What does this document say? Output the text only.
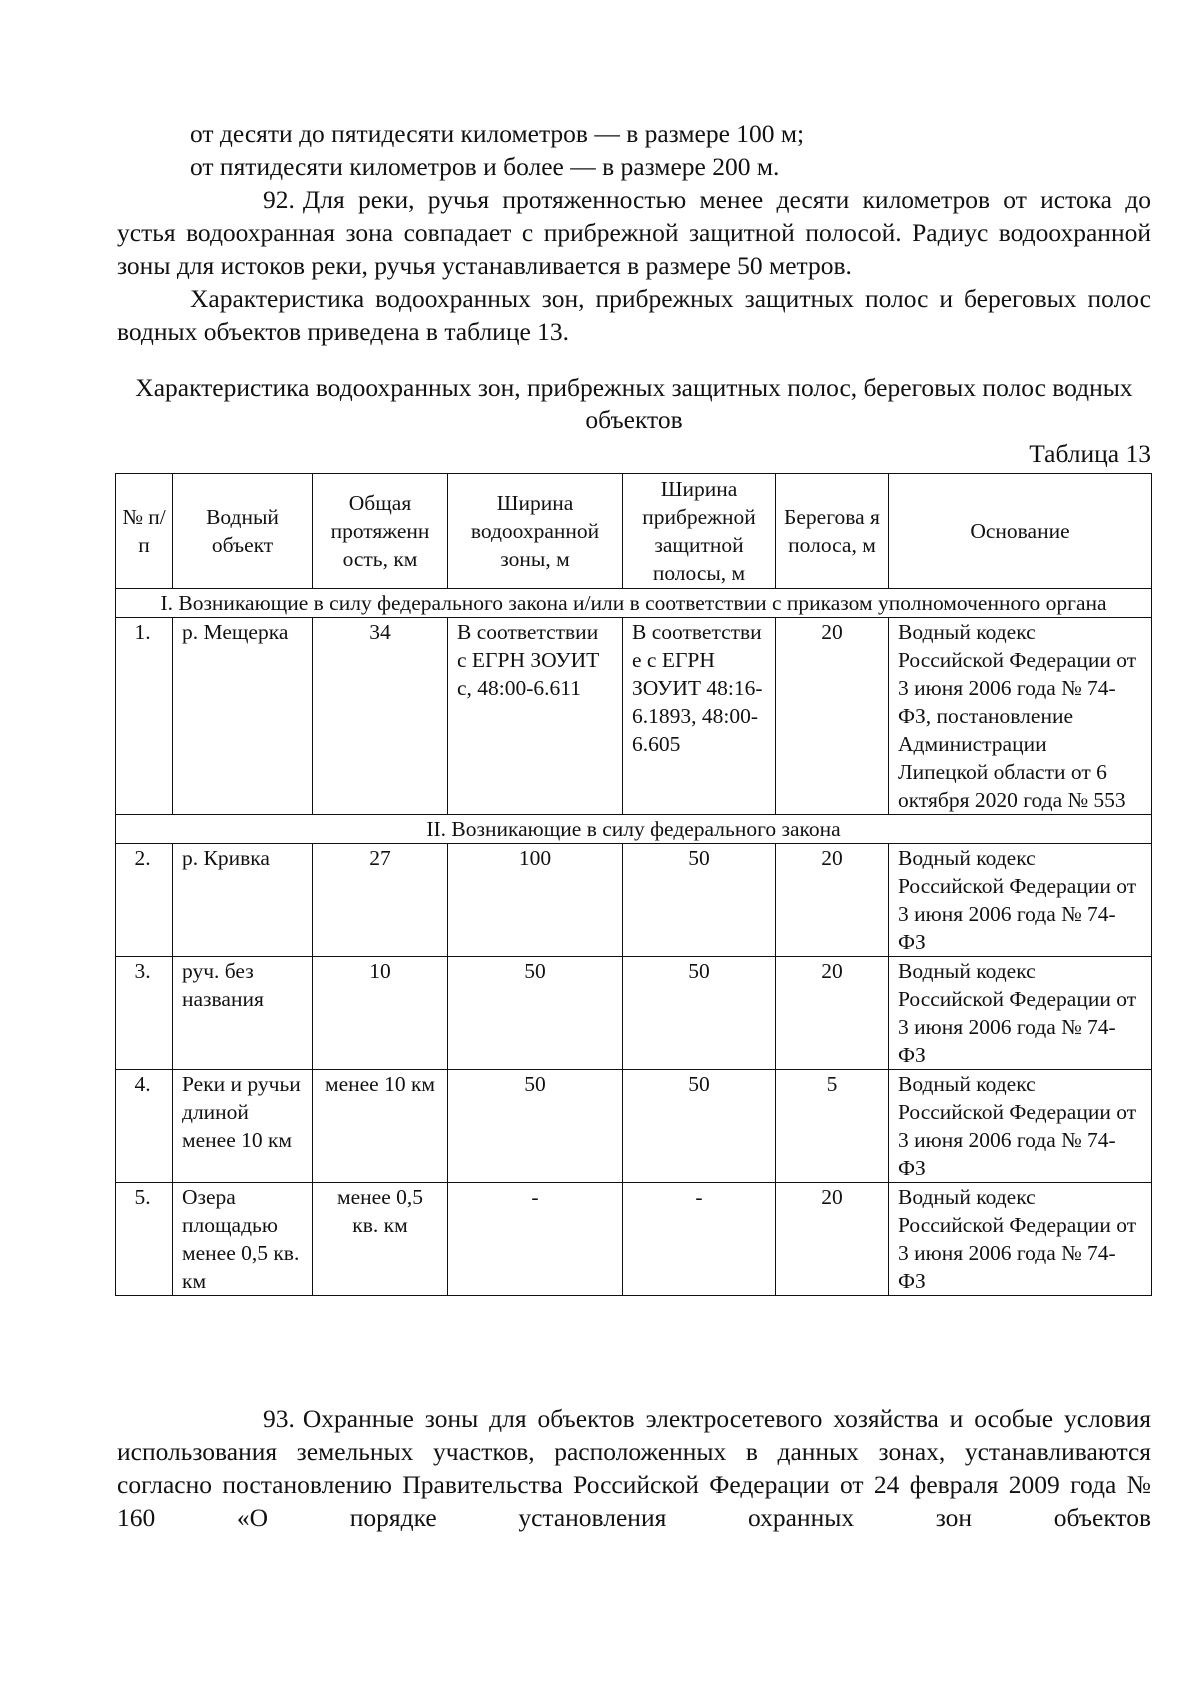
от десяти до пятидесяти километров — в размере 100 м;

от пятидесяти километров и более — в размере 200 м.

92. Для реки, ручья протяженностью менее десяти километров от истока до устья водоохранная зона совпадает с прибрежной защитной полосой. Радиус водоохранной зоны для истоков реки, ручья устанавливается в размере 50 метров.

Характеристика водоохранных зон, прибрежных защитных полос и береговых полос водных объектов приведена в таблице 13.

Характеристика водоохранных зон, прибрежных защитных полос, береговых полос водных объектов
Таблица 13
№ п/п	Водный объект	Общая протяженн ость, км	Ширина водоохранной зоны, м	Ширина прибрежной защитной полосы, м	Берегова я полоса, м	Основание
I. Возникающие в силу федерального закона и/или в соответствии с приказом уполномоченного органа						
1.	р. Мещерка	34	В соответствии с ЕГРН ЗОУИТ с, 48:00-6.611	В соответстви е с ЕГРН ЗОУИТ 48:16-6.1893, 48:00-6.605	20	Водный кодекс Российской Федерации от 3 июня 2006 года № 74-ФЗ, постановление Администрации Липецкой области от 6 октября 2020 года № 553
II. Возникающие в силу федерального закона						
2.	р. Кривка	27	100	50	20	Водный кодекс Российской Федерации от 3 июня 2006 года № 74-ФЗ
3.	руч. без названия	10	50	50	20	Водный кодекс Российской Федерации от 3 июня 2006 года № 74-ФЗ
4.	Реки и ручьи длиной менее 10 км	менее 10 км	50	50	5	Водный кодекс Российской Федерации от 3 июня 2006 года № 74-ФЗ
5.	Озера площадью менее 0,5 кв. км	менее 0,5 кв. км	-	-	20	Водный кодекс Российской Федерации от 3 июня 2006 года № 74-ФЗ

93. Охранные зоны для объектов электросетевого хозяйства и особые условия использования земельных участков, расположенных в данных зонах, устанавливаются согласно постановлению Правительства Российской Федерации от 24 февраля 2009 года № 160 «О порядке установления охранных зон объектов
